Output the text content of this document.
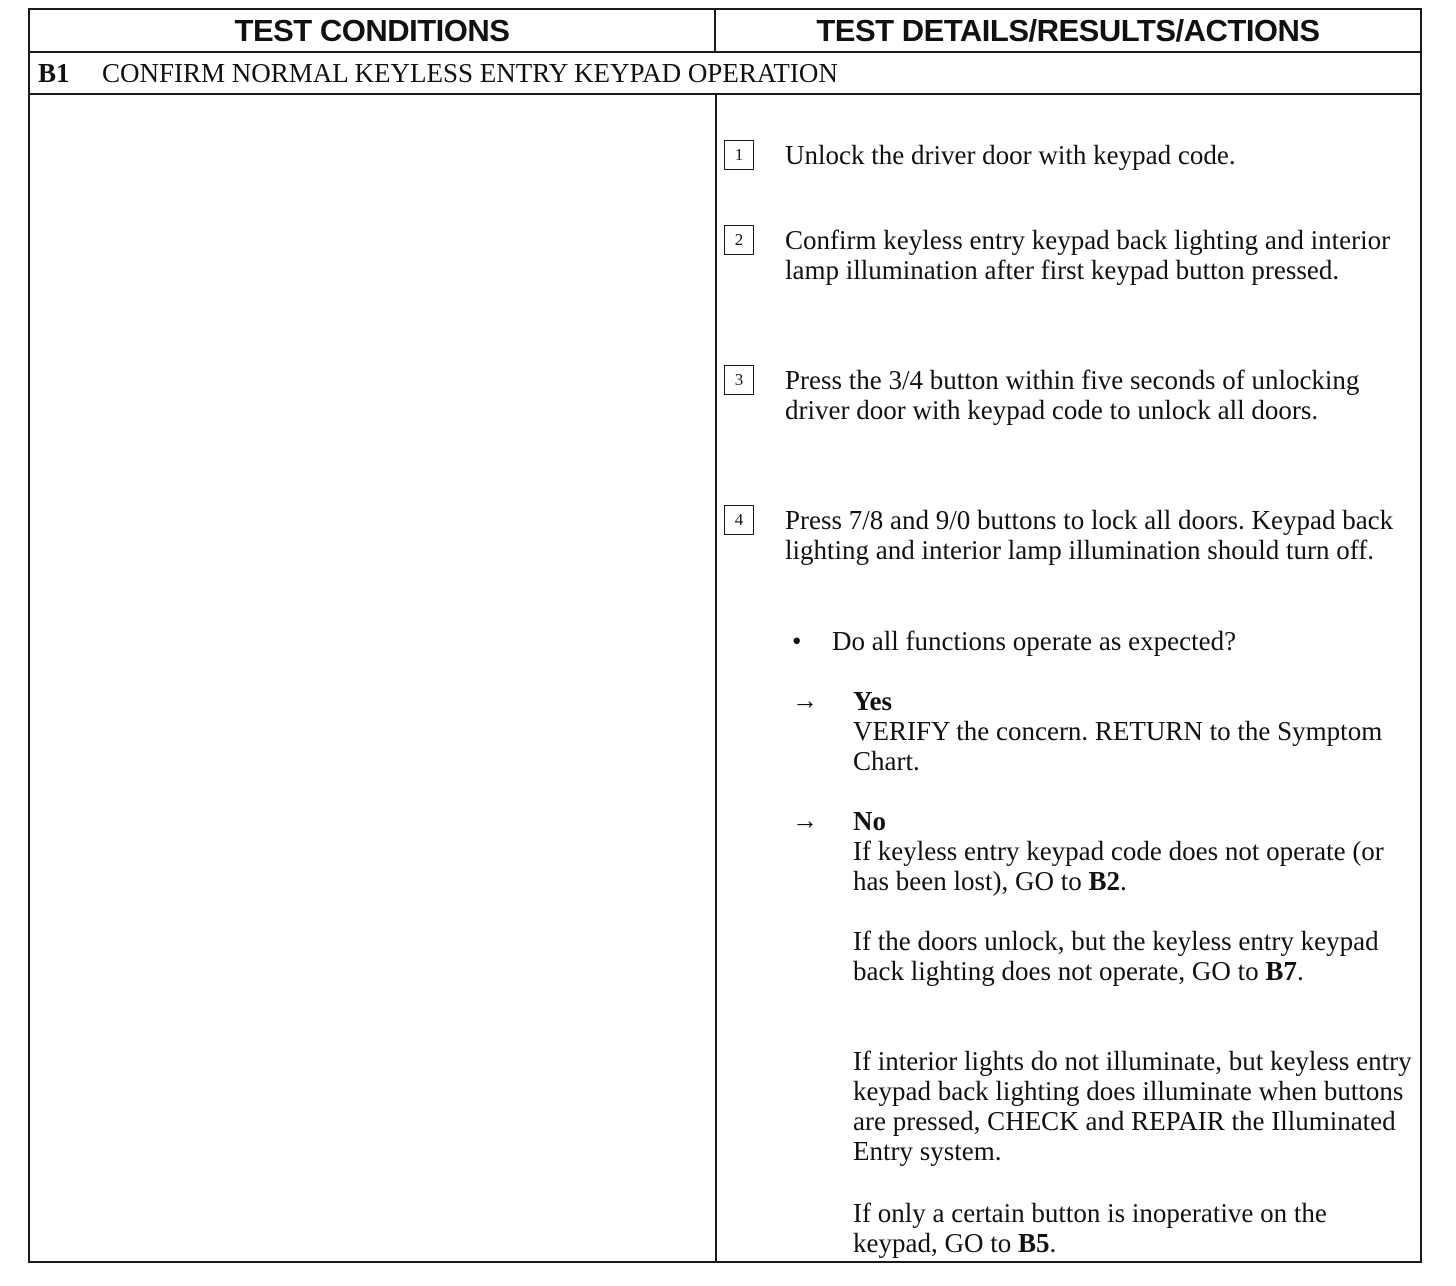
TEST CONDITIONS	TEST DETAILS/RESULTS/ACTIONS
B1	CONFIRM NORMAL KEYLESS ENTRY KEYPAD OPERATION
1	Unlock the driver door with keypad code.
2	Confirm keyless entry keypad back lighting and interior lamp illumination after first keypad button pressed.
3	Press the 3/4 button within five seconds of unlocking driver door with keypad code to unlock all doors.
4	Press 7/8 and 9/0 buttons to lock all doors. Keypad back lighting and interior lamp illumination should turn off.
• Do all functions operate as expected?
→ Yes
VERIFY the concern. RETURN to the Symptom Chart.
→ No
If keyless entry keypad code does not operate (or has been lost), GO to B2.
If the doors unlock, but the keyless entry keypad back lighting does not operate, GO to B7.
If interior lights do not illuminate, but keyless entry keypad back lighting does illuminate when buttons are pressed, CHECK and REPAIR the Illuminated Entry system.
If only a certain button is inoperative on the keypad, GO to B5.
